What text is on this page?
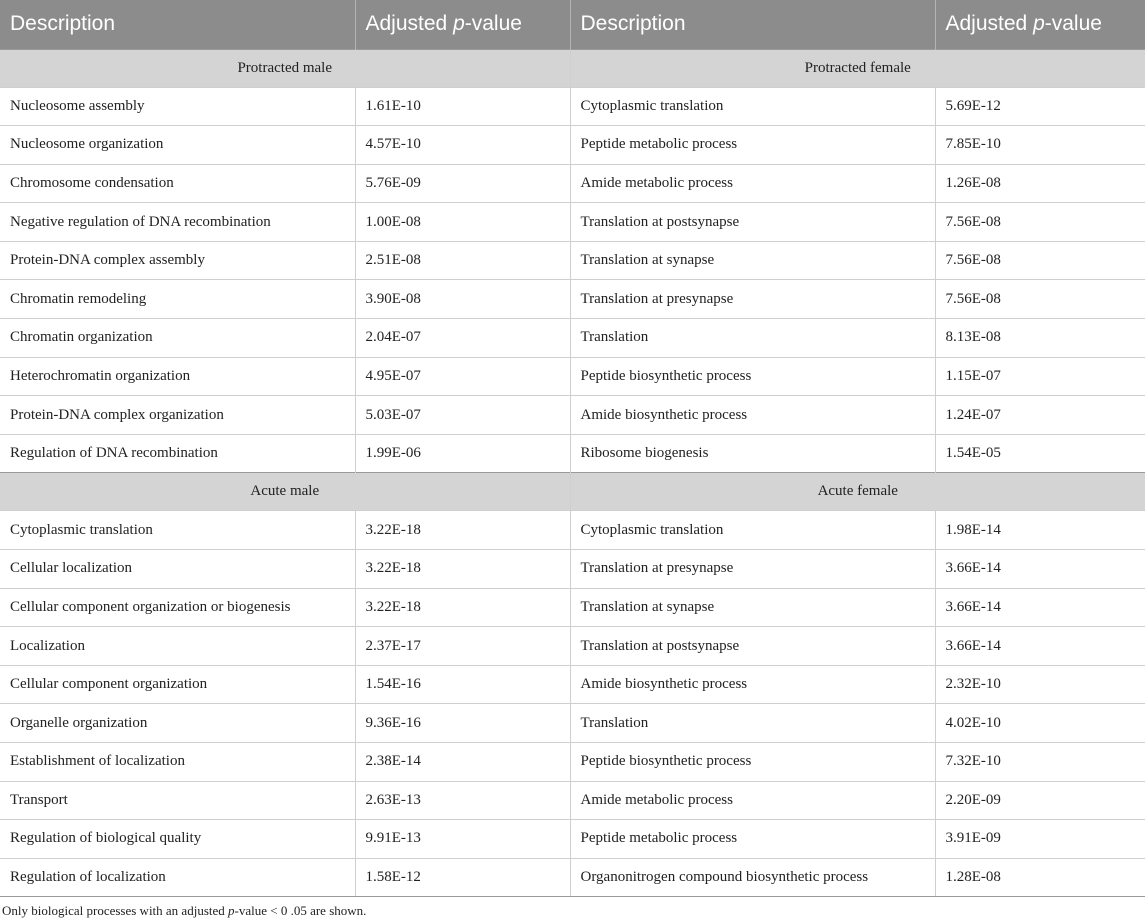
Description	Adjusted p-value	Description	Adjusted p-value
Protracted male		Protracted female	
Nucleosome assembly	1.61E-10	Cytoplasmic translation	5.69E-12
Nucleosome organization	4.57E-10	Peptide metabolic process	7.85E-10
Chromosome condensation	5.76E-09	Amide metabolic process	1.26E-08
Negative regulation of DNA recombination	1.00E-08	Translation at postsynapse	7.56E-08
Protein-DNA complex assembly	2.51E-08	Translation at synapse	7.56E-08
Chromatin remodeling	3.90E-08	Translation at presynapse	7.56E-08
Chromatin organization	2.04E-07	Translation	8.13E-08
Heterochromatin organization	4.95E-07	Peptide biosynthetic process	1.15E-07
Protein-DNA complex organization	5.03E-07	Amide biosynthetic process	1.24E-07
Regulation of DNA recombination	1.99E-06	Ribosome biogenesis	1.54E-05
Acute male		Acute female	
Cytoplasmic translation	3.22E-18	Cytoplasmic translation	1.98E-14
Cellular localization	3.22E-18	Translation at presynapse	3.66E-14
Cellular component organization or biogenesis	3.22E-18	Translation at synapse	3.66E-14
Localization	2.37E-17	Translation at postsynapse	3.66E-14
Cellular component organization	1.54E-16	Amide biosynthetic process	2.32E-10
Organelle organization	9.36E-16	Translation	4.02E-10
Establishment of localization	2.38E-14	Peptide biosynthetic process	7.32E-10
Transport	2.63E-13	Amide metabolic process	2.20E-09
Regulation of biological quality	9.91E-13	Peptide metabolic process	3.91E-09
Regulation of localization	1.58E-12	Organonitrogen compound biosynthetic process	1.28E-08
Only biological processes with an adjusted p-value < 0 .05 are shown.
